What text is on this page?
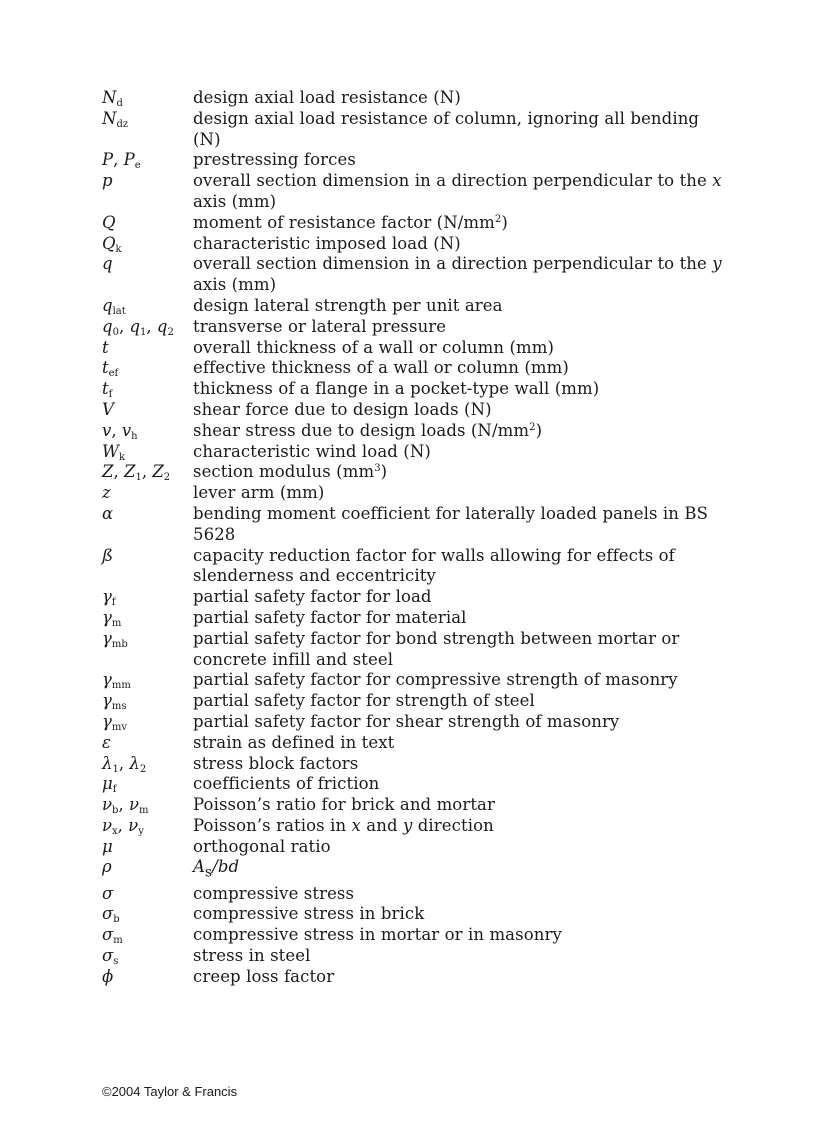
$N_d$	design axial load resistance (N)
$N_{dz}$	design axial load resistance of column, ignoring all bending (N)
P, $P_e$	prestressing forces
p	overall section dimension in a direction perpendicular to the x axis (mm)
Q	moment of resistance factor $(N/mm^2)$
$Q_k$	characteristic imposed load (N)
q	overall section dimension in a direction perpendicular to the y axis (mm)
$q_{lat}$	design lateral strength per unit area
$q_0$, $q_1$, $q_2$	transverse or lateral pressure
t	overall thickness of a wall or column (mm)
$t_{ef}$	effective thickness of a wall or column (mm)
$t_f$	thickness of a flange in a pocket-type wall (mm)
V	shear force due to design loads (N)
v, $v_h$	shear stress due to design loads $(N/mm^2)$
$W_k$	characteristic wind load (N)
Z, $Z_1$, $Z_2$	section modulus $(mm^3)$
z	lever arm (mm)
α	bending moment coefficient for laterally loaded panels in BS 5628
ß	capacity reduction factor for walls allowing for effects of slenderness and eccentricity
$\gamma_f$	partial safety factor for load
$\gamma_m$	partial safety factor for material
$\gamma_{mb}$	partial safety factor for bond strength between mortar or concrete infill and steel
$\gamma_{mm}$	partial safety factor for compressive strength of masonry
$\gamma_{ms}$	partial safety factor for strength of steel
$\gamma_{mv}$	partial safety factor for shear strength of masonry
ε	strain as defined in text
$\lambda_1$, $\lambda_2$	stress block factors
$\mu_f$	coefficients of friction
$\nu_b$, $\nu_m$	Poisson’s ratio for brick and mortar
$\nu_x$, $\nu_y$	Poisson’s ratios in x and y direction
μ	orthogonal ratio
ρ	$A_s/bd$
σ	compressive stress
$\sigma_b$	compressive stress in brick
$\sigma_m$	compressive stress in mortar or in masonry
$\sigma_s$	stress in steel
ϕ	creep loss factor
©2004 Taylor & Francis
